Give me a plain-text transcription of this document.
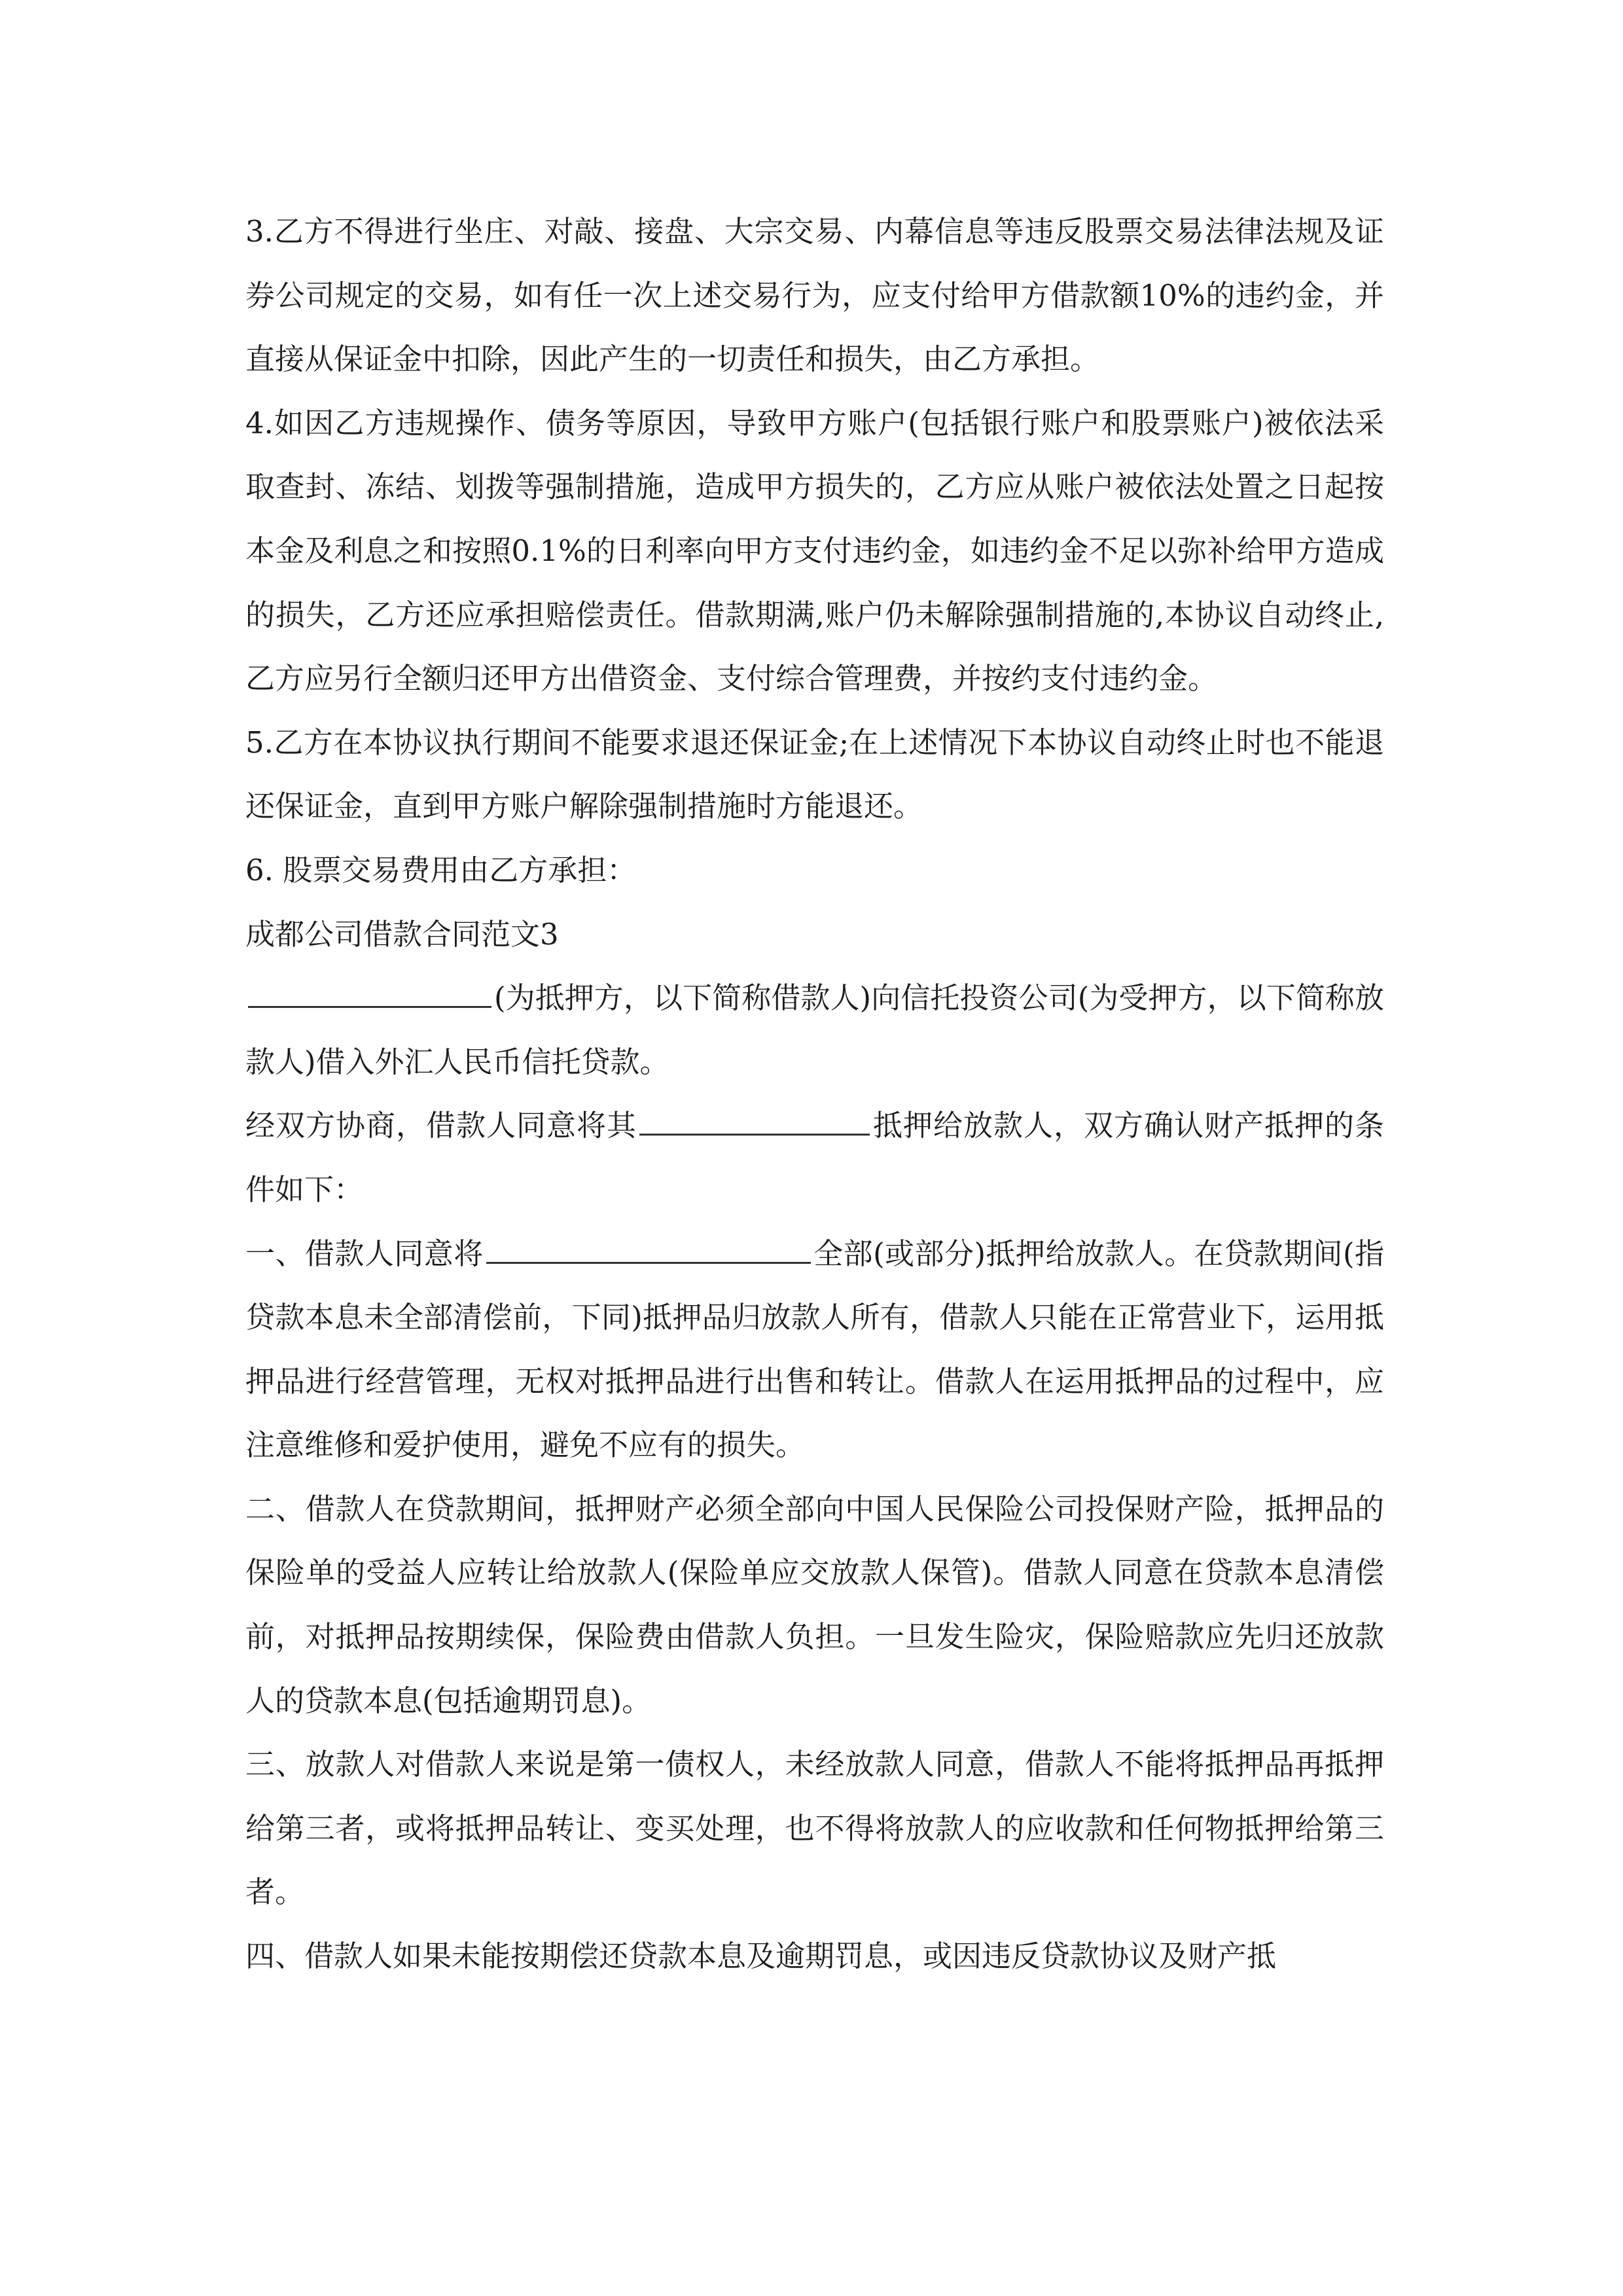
3.乙方不得进行坐庄、对敲、接盘、大宗交易、内幕信息等违反股票交易法律法规及证券公司规定的交易，如有任一次上述交易行为，应支付给甲方借款额10%的违约金，并直接从保证金中扣除，因此产生的一切责任和损失，由乙方承担。

4.如因乙方违规操作、债务等原因，导致甲方账户(包括银行账户和股票账户)被依法采取查封、冻结、划拨等强制措施，造成甲方损失的，乙方应从账户被依法处置之日起按本金及利息之和按照0.1%的日利率向甲方支付违约金，如违约金不足以弥补给甲方造成的损失，乙方还应承担赔偿责任。借款期满,账户仍未解除强制措施的,本协议自动终止,乙方应另行全额归还甲方出借资金、支付综合管理费，并按约支付违约金。

5.乙方在本协议执行期间不能要求退还保证金;在上述情况下本协议自动终止时也不能退还保证金，直到甲方账户解除强制措施时方能退还。

6. 股票交易费用由乙方承担：

成都公司借款合同范文3

(为抵押方，以下简称借款人)向信托投资公司(为受押方，以下简称放款人)借入外汇人民币信托贷款。

经双方协商，借款人同意将其	抵押给放款人，双方确认财产抵押的条件如下：

一、借款人同意将	全部(或部分)抵押给放款人。在贷款期间(指贷款本息未全部清偿前，下同)抵押品归放款人所有，借款人只能在正常营业下，运用抵押品进行经营管理，无权对抵押品进行出售和转让。借款人在运用抵押品的过程中，应注意维修和爱护使用，避免不应有的损失。

二、借款人在贷款期间，抵押财产必须全部向中国人民保险公司投保财产险，抵押品的保险单的受益人应转让给放款人(保险单应交放款人保管)。借款人同意在贷款本息清偿前，对抵押品按期续保，保险费由借款人负担。一旦发生险灾，保险赔款应先归还放款人的贷款本息(包括逾期罚息)。

三、放款人对借款人来说是第一债权人，未经放款人同意，借款人不能将抵押品再抵押给第三者，或将抵押品转让、变买处理，也不得将放款人的应收款和任何物抵押给第三者。

四、借款人如果未能按期偿还贷款本息及逾期罚息，或因违反贷款协议及财产抵
